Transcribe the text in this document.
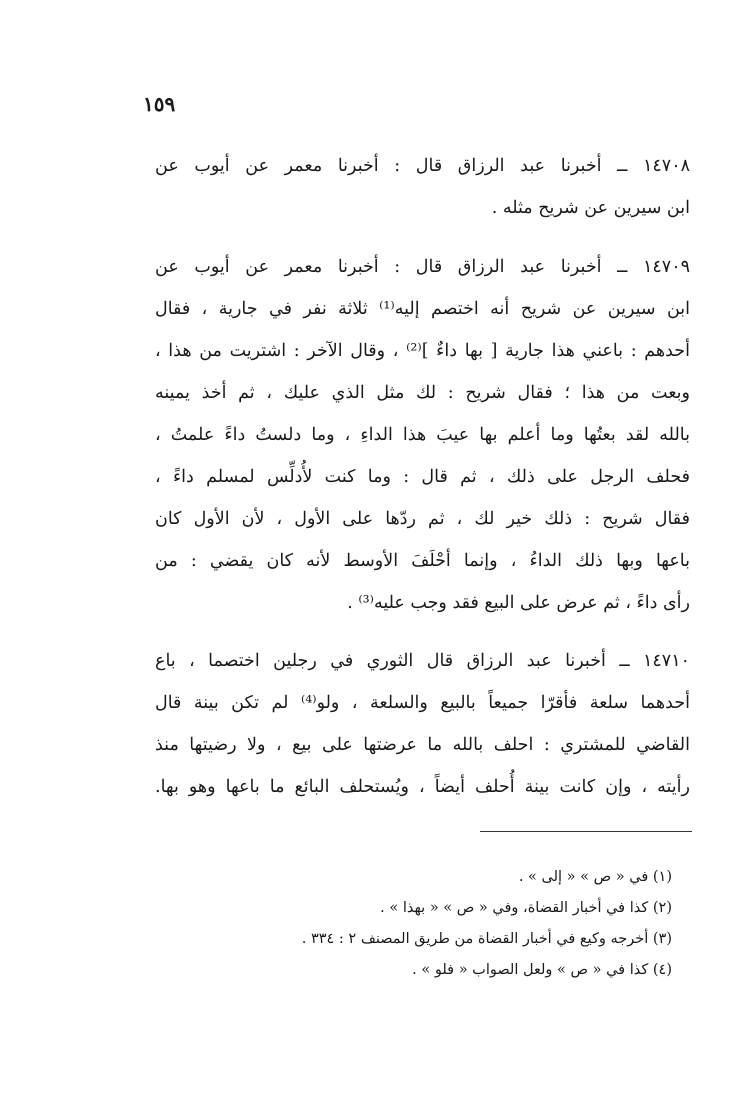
١٥٩
١٤٧٠٨ ــ أخبرنا عبد الرزاق قال : أخبرنا معمر عن أيوب عن
ابن سيرين عن شريح مثله .
١٤٧٠٩ ــ أخبرنا عبد الرزاق قال : أخبرنا معمر عن أيوب عن
ابن سيرين عن شريح أنه اختصم إليه⁽¹⁾ ثلاثة نفر في جارية ، فقال
أحدهم : باعني هذا جارية [ بها داءٌ ]⁽²⁾ ، وقال الآخر : اشتريت من هذا ،
وبعت من هذا ؛ فقال شريح : لك مثل الذي عليك ، ثم أخذ يمينه
بالله لقد بعتُها وما أعلم بها عيبَ هذا الداءِ ، وما دلستُ داءً علمتُ ،
فحلف الرجل على ذلك ، ثم قال : وما كنت لأُدلِّس لمسلم داءً ،
فقال شريح : ذلك خير لك ، ثم ردّها على الأول ، لأن الأول كان
باعها وبها ذلك الداءُ ، وإنما أحْلَفَ الأوسط لأنه كان يقضي : من
رأى داءً ، ثم عرض على البيع فقد وجب عليه⁽³⁾ .
١٤٧١٠ ــ أخبرنا عبد الرزاق قال الثوري في رجلين اختصما ، باع
أحدهما سلعة فأقرّا جميعاً بالبيع والسلعة ، ولو⁽⁴⁾ لم تكن بينة قال
القاضي للمشتري : احلف بالله ما عرضتها على بيع ، ولا رضيتها منذ
رأيته ، وإن كانت بينة أُحلف أيضاً ، ويُستحلف البائع ما باعها وهو بها.
(١) في « ص » « إلى » .
(٢) كذا في أخبار القضاة، وفي « ص » « بهذا » .
(٣) أخرجه وكيع في أخبار القضاة من طريق المصنف ٢ : ٣٣٤ .
(٤) كذا في « ص » ولعل الصواب « فلو » .
